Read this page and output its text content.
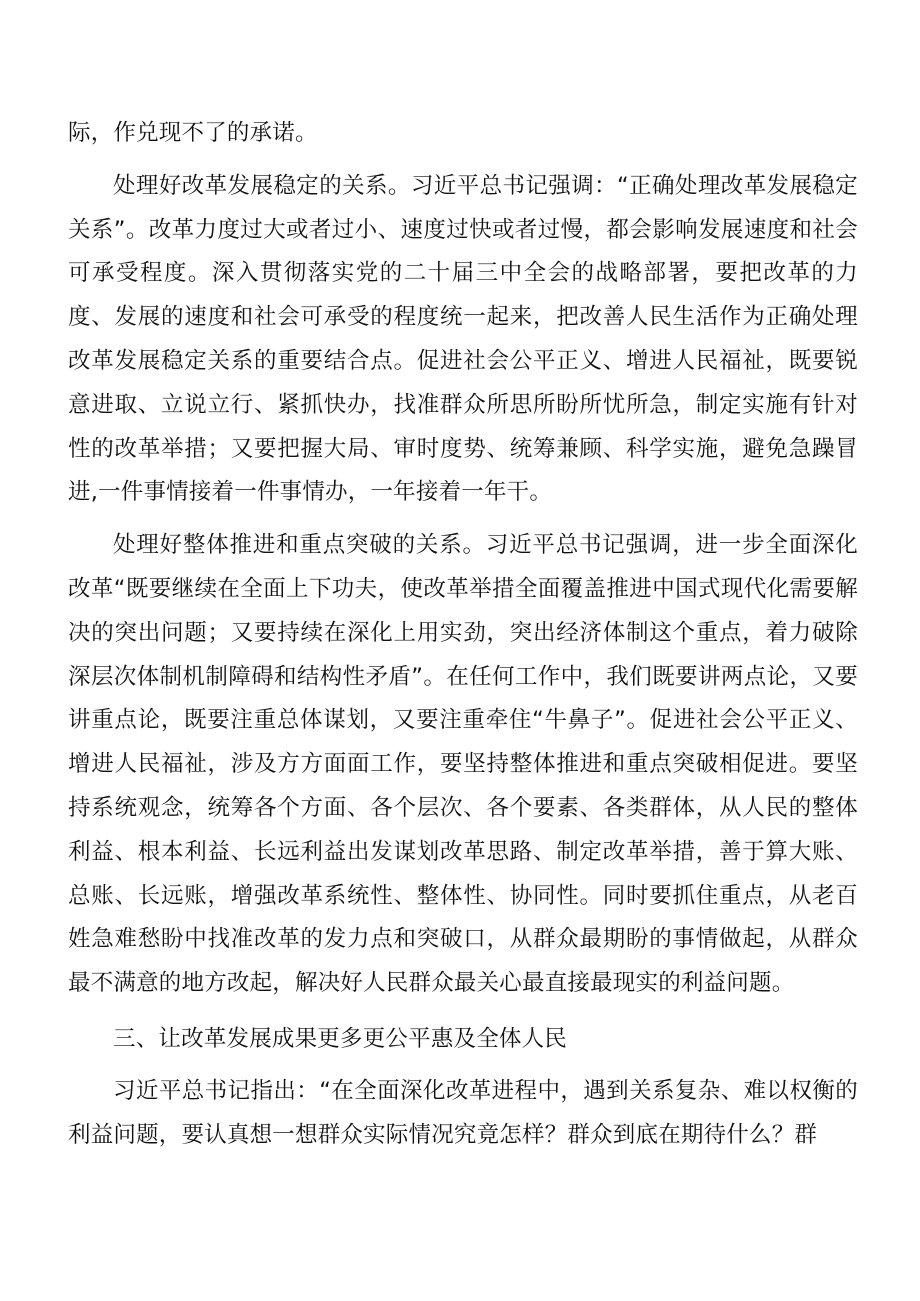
际，作兑现不了的承诺。

处理好改革发展稳定的关系。习近平总书记强调：“正确处理改革发展稳定关系”。改革力度过大或者过小、速度过快或者过慢，都会影响发展速度和社会可承受程度。深入贯彻落实党的二十届三中全会的战略部署，要把改革的力度、发展的速度和社会可承受的程度统一起来，把改善人民生活作为正确处理改革发展稳定关系的重要结合点。促进社会公平正义、增进人民福祉，既要锐意进取、立说立行、紧抓快办，找准群众所思所盼所忧所急，制定实施有针对性的改革举措；又要把握大局、审时度势、统筹兼顾、科学实施，避免急躁冒进,一件事情接着一件事情办，一年接着一年干。

处理好整体推进和重点突破的关系。习近平总书记强调，进一步全面深化改革“既要继续在全面上下功夫，使改革举措全面覆盖推进中国式现代化需要解决的突出问题；又要持续在深化上用实劲，突出经济体制这个重点，着力破除深层次体制机制障碍和结构性矛盾”。在任何工作中，我们既要讲两点论，又要讲重点论，既要注重总体谋划，又要注重牵住“牛鼻子”。促进社会公平正义、增进人民福祉，涉及方方面面工作，要坚持整体推进和重点突破相促进。要坚持系统观念，统筹各个方面、各个层次、各个要素、各类群体，从人民的整体利益、根本利益、长远利益出发谋划改革思路、制定改革举措，善于算大账、总账、长远账，增强改革系统性、整体性、协同性。同时要抓住重点，从老百姓急难愁盼中找准改革的发力点和突破口，从群众最期盼的事情做起，从群众最不满意的地方改起，解决好人民群众最关心最直接最现实的利益问题。

三、让改革发展成果更多更公平惠及全体人民

习近平总书记指出：“在全面深化改革进程中，遇到关系复杂、难以权衡的利益问题，要认真想一想群众实际情况究竟怎样？群众到底在期待什么？群
